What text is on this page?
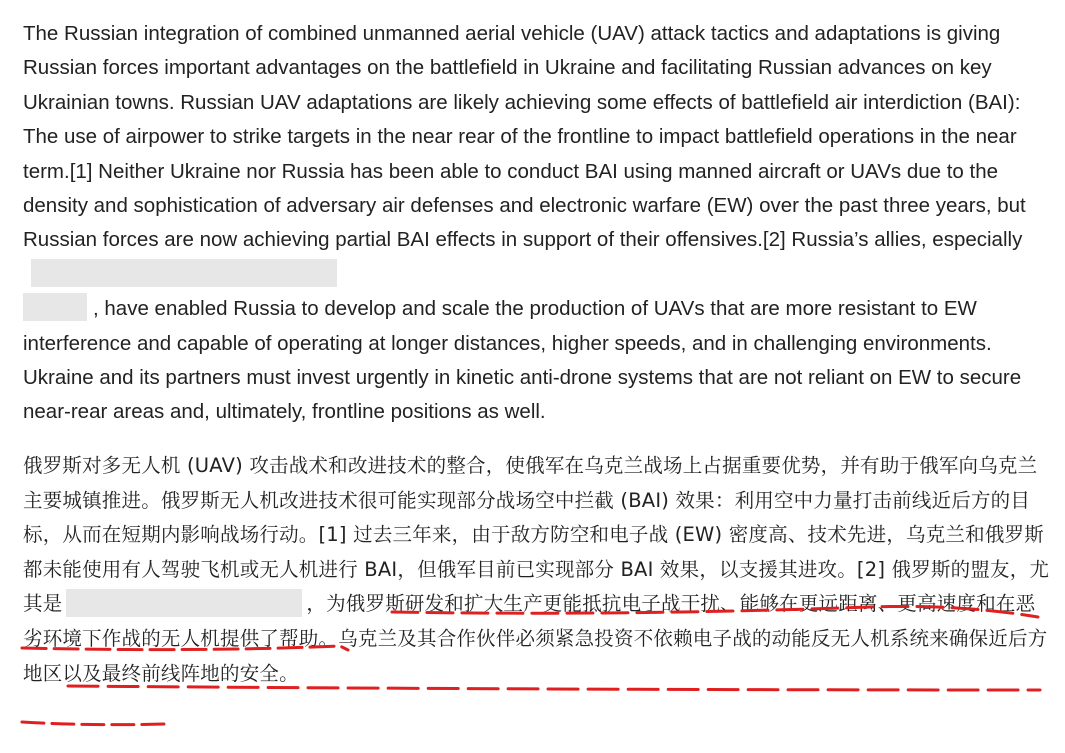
The Russian integration of combined unmanned aerial vehicle (UAV) attack tactics and adaptations is giving Russian forces important advantages on the battlefield in Ukraine and facilitating Russian advances on key Ukrainian towns. Russian UAV adaptations are likely achieving some effects of battlefield air interdiction (BAI): The use of airpower to strike targets in the near rear of the frontline to impact battlefield operations in the near term.[1] Neither Ukraine nor Russia has been able to conduct BAI using manned aircraft or UAVs due to the density and sophistication of adversary air defenses and electronic warfare (EW) over the past three years, but Russian forces are now achieving partial BAI effects in support of their offensives.[2] Russia’s allies, especially
, have enabled Russia to develop and scale the production of UAVs that are more resistant to EW interference and capable of operating at longer distances, higher speeds, and in challenging environments. Ukraine and its partners must invest urgently in kinetic anti-drone systems that are not reliant on EW to secure near-rear areas and, ultimately, frontline positions as well.

俄罗斯对多无人机 (UAV) 攻击战术和改进技术的整合，使俄军在乌克兰战场上占据重要优势，并有助于俄军向乌克兰主要城镇推进。俄罗斯无人机改进技术很可能实现部分战场空中拦截 (BAI) 效果：利用空中力量打击前线近后方的目标，从而在短期内影响战场行动。[1] 过去三年来，由于敌方防空和电子战 (EW) 密度高、技术先进，乌克兰和俄罗斯都未能使用有人驾驶飞机或无人机进行 BAI，但俄军目前已实现部分 BAI 效果，以支援其进攻。[2] 俄罗斯的盟友，尤其是	，为俄罗斯研发和扩大生产更能抵抗电子战干扰、能够在更远距离、更高速度和在恶劣环境下作战的无人机提供了帮助。乌克兰及其合作伙伴必须紧急投资不依赖电子战的动能反无人机系统来确保近后方地区以及最终前线阵地的安全。
